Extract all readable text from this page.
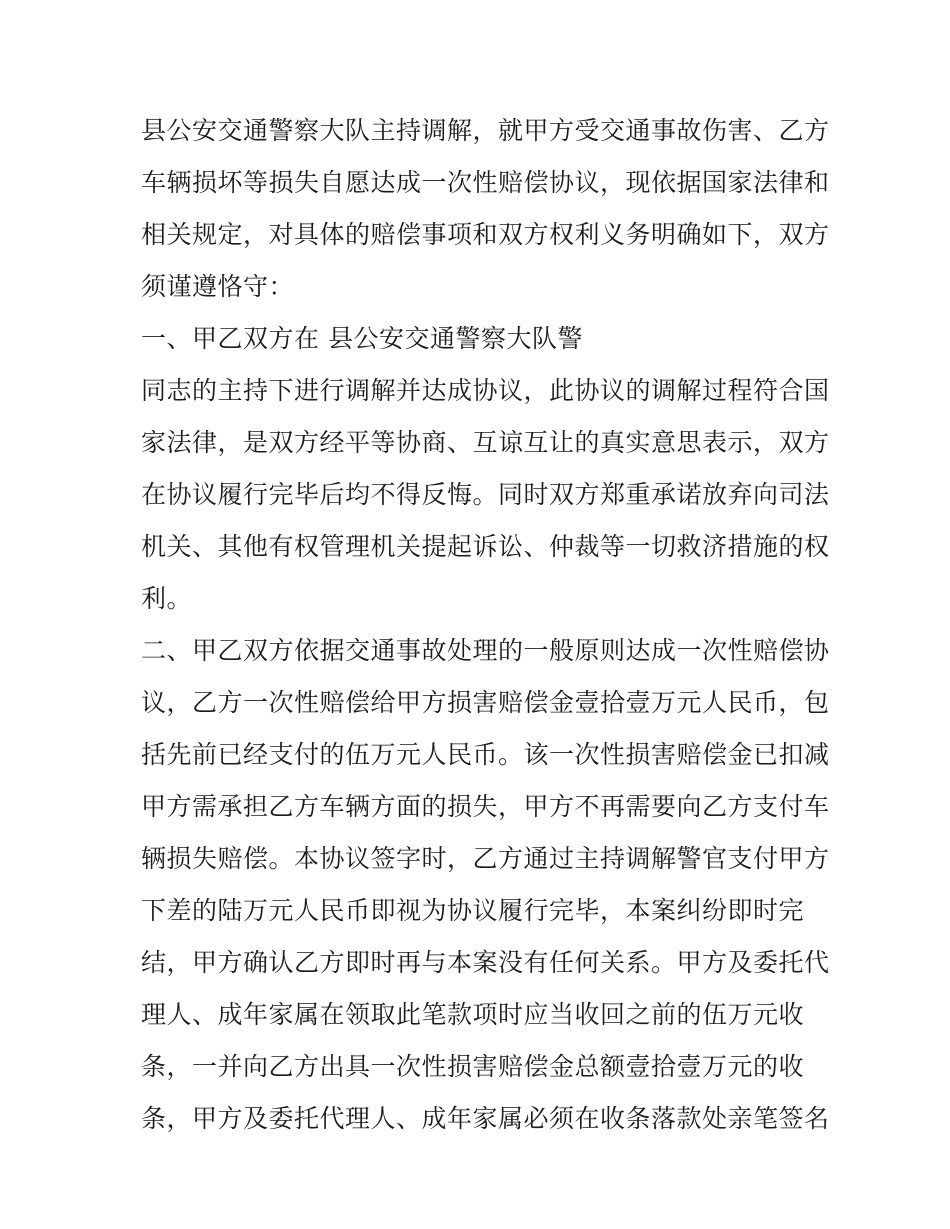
县公安交通警察大队主持调解，就甲方受交通事故伤害、乙方
车辆损坏等损失自愿达成一次性赔偿协议，现依据国家法律和
相关规定，对具体的赔偿事项和双方权利义务明确如下，双方
须谨遵恪守：
一、甲乙双方在 县公安交通警察大队警
同志的主持下进行调解并达成协议，此协议的调解过程符合国
家法律，是双方经平等协商、互谅互让的真实意思表示，双方
在协议履行完毕后均不得反悔。同时双方郑重承诺放弃向司法
机关、其他有权管理机关提起诉讼、仲裁等一切救济措施的权
利。
二、甲乙双方依据交通事故处理的一般原则达成一次性赔偿协
议，乙方一次性赔偿给甲方损害赔偿金壹拾壹万元人民币，包
括先前已经支付的伍万元人民币。该一次性损害赔偿金已扣减
甲方需承担乙方车辆方面的损失，甲方不再需要向乙方支付车
辆损失赔偿。本协议签字时，乙方通过主持调解警官支付甲方
下差的陆万元人民币即视为协议履行完毕，本案纠纷即时完
结，甲方确认乙方即时再与本案没有任何关系。甲方及委托代
理人、成年家属在领取此笔款项时应当收回之前的伍万元收
条，一并向乙方出具一次性损害赔偿金总额壹拾壹万元的收
条，甲方及委托代理人、成年家属必须在收条落款处亲笔签名
